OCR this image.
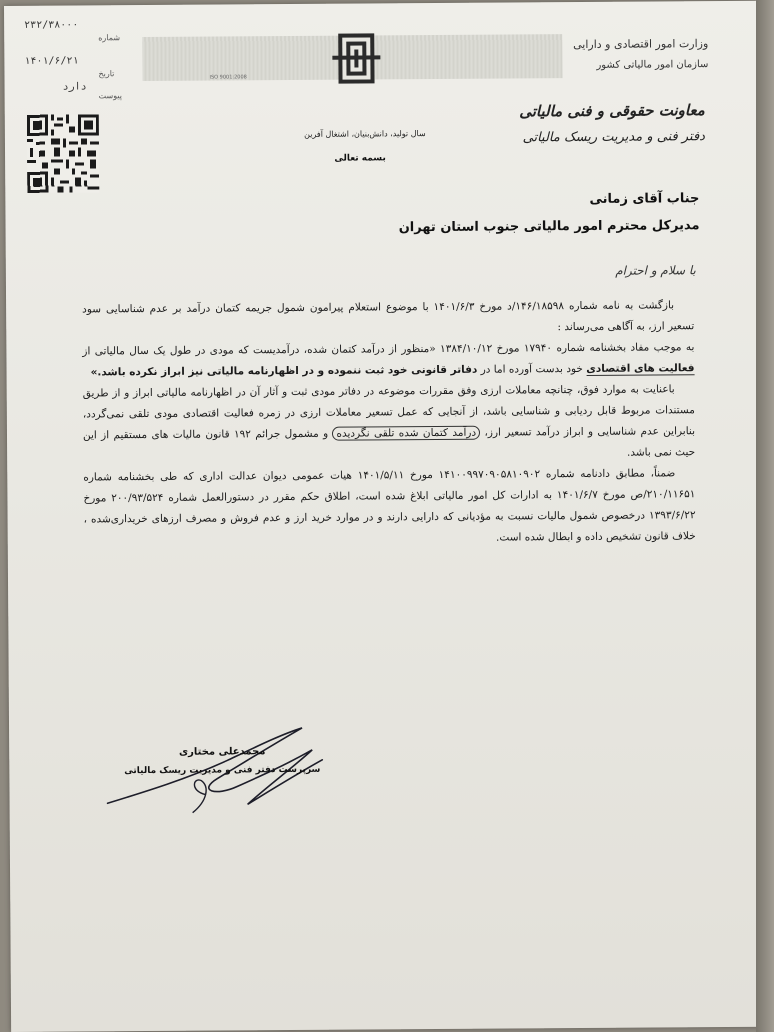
۲۳۲/۳۸۰۰۰
شماره
۱۴۰۱/۶/۲۱
تاریخ
دارد
پیوست
ISO 9001:2008
وزارت امور اقتصادی و دارایی
سازمان امور مالیاتی کشور
معاونت حقوقی و فنی مالیاتی
دفتر فنی و مدیریت ریسک مالیاتی
سال تولید، دانش‌بنیان، اشتغال آفرین
بسمه تعالی
جناب آقای زمانی
مدیرکل محترم امور مالیاتی جنوب استان تهران
با سلام و احترام

بازگشت به نامه شماره ۱۴۶/۱۸۵۹۸/د مورخ ۱۴۰۱/۶/۳ با موضوع استعلام پیرامون شمول جریمه کتمان درآمد بر عدم شناسایی سود تسعیر ارز، به آگاهی می‌رساند :

به موجب مفاد بخشنامه شماره ۱۷۹۴۰ مورخ ۱۳۸۴/۱۰/۱۲ «منظور از درآمد کتمان شده، درآمدیست که مودی در طول یک سال مالیاتی از فعالیت های اقتصادی خود بدست آورده اما در دفاتر قانونی خود ثبت ننموده و در اظهارنامه مالیاتی نیز ابراز نکرده باشد.»

باعنایت به موارد فوق، چنانچه معاملات ارزی وفق مقررات موضوعه در دفاتر مودی ثبت و آثار آن در اظهارنامه مالیاتی ابراز و از طریق مستندات مربوط قابل ردیابی و شناسایی باشد، از آنجایی که عمل تسعیر معاملات ارزی در زمره فعالیت اقتصادی مودی تلقی نمی‌گردد، بنابراین عدم شناسایی و ابراز درآمد تسعیر ارز، درآمد کتمان شده تلقی نگردیده و مشمول جرائم ۱۹۲ قانون مالیات های مستقیم از این حیث نمی باشد.

ضمناً، مطابق دادنامه شماره ۱۴۱۰۰۹۹۷۰۹۰۵۸۱۰۹۰۲ مورخ ۱۴۰۱/۵/۱۱ هیات عمومی دیوان عدالت اداری که طی بخشنامه شماره ۲۱۰/۱۱۶۵۱/ص مورخ ۱۴۰۱/۶/۷ به ادارات کل امور مالیاتی ابلاغ شده است، اطلاق حکم مقرر در دستورالعمل شماره ۲۰۰/۹۳/۵۲۴ مورخ ۱۳۹۳/۶/۲۲ درخصوص شمول مالیات نسبت به مؤدیانی که دارایی دارند و در موارد خرید ارز و عدم فروش و مصرف ارزهای خریداری‌شده ، خلاف قانون تشخیص داده و ابطال شده است.

محمدعلی مختاری
سرپرست دفتر فنی و مدیریت ریسک مالیاتی
